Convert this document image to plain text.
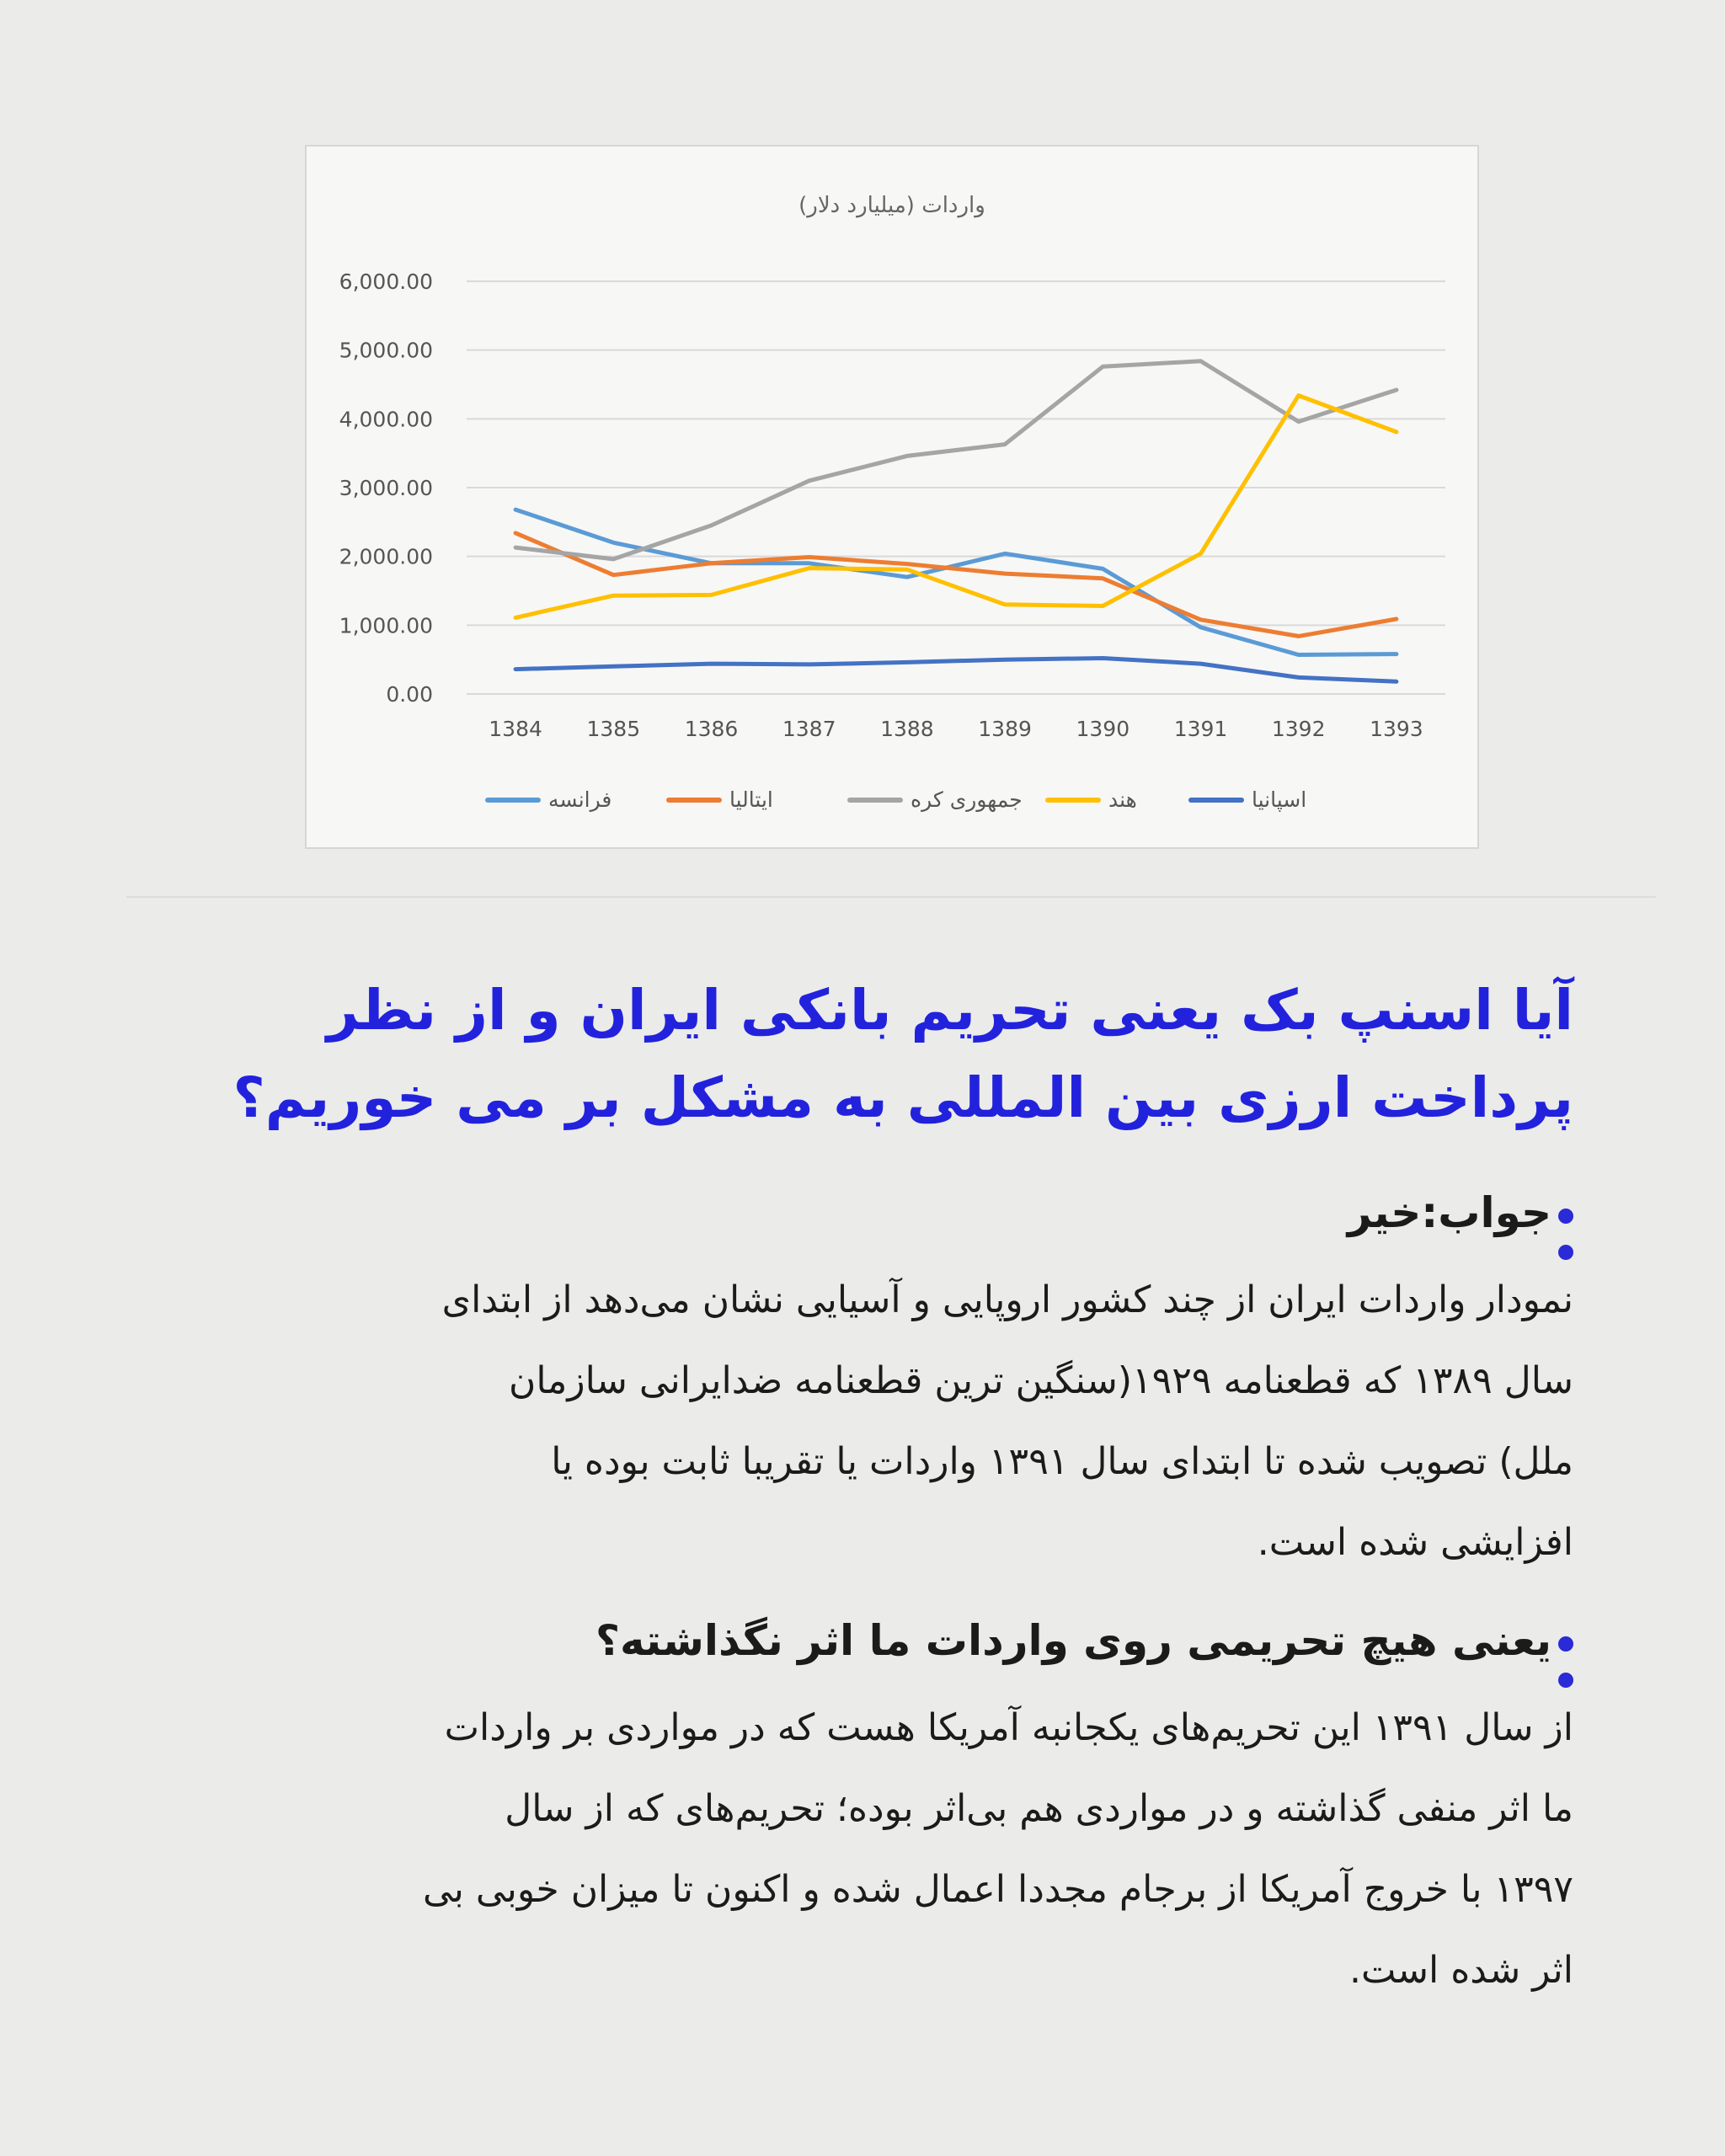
واردات (میلیارد دلار)
0.00
1,000.00
2,000.00
3,000.00
4,000.00
5,000.00
6,000.00
1384 1385 1386 1387 1388 1389 1390 1391 1392 1393
فرانسه	ایتالیا	جمهوری کره	هند	اسپانیا
آیا اسنپ بک یعنی تحریم بانکی ایران و از نظر
پرداخت ارزی بین المللی به مشکل بر می خوریم؟
جواب:خیر
نمودار واردات ایران از چند کشور اروپایی و آسیایی نشان می‌دهد از ابتدای
سال ۱۳۸۹ که قطعنامه ۱۹۲۹(سنگین ترین قطعنامه ضدایرانی سازمان
ملل) تصویب شده تا ابتدای سال ۱۳۹۱ واردات یا تقریبا ثابت بوده یا
افزایشی شده است.
یعنی هیچ تحریمی روی واردات ما اثر نگذاشته؟
از سال ۱۳۹۱ این تحریم‌های یکجانبه آمریکا هست که در مواردی بر واردات
ما اثر منفی گذاشته و در مواردی هم بی‌اثر بوده؛ تحریم‌های که از سال
۱۳۹۷ با خروج آمریکا از برجام مجددا اعمال شده و اکنون تا میزان خوبی بی
اثر شده است.
